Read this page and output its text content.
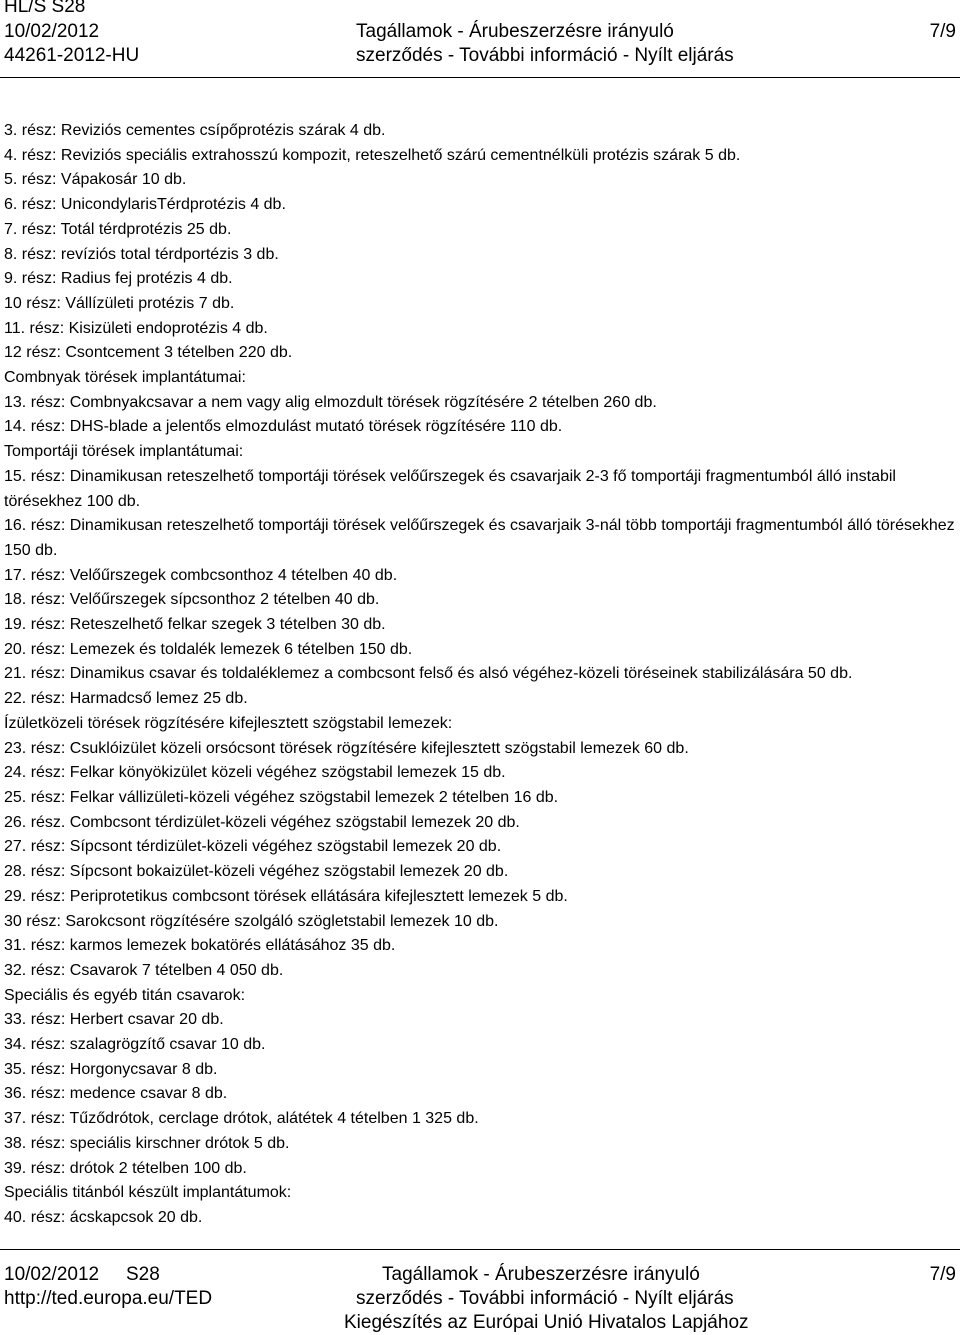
HL/S S28
10/02/2012
44261-2012-HU
Tagállamok - Árubeszerzésre irányuló
szerződés - További információ - Nyílt eljárás
7/9
3. rész: Reviziós cementes csípőprotézis szárak 4 db.
4. rész: Reviziós speciális extrahosszú kompozit, reteszelhető szárú cementnélküli protézis szárak 5 db.
5. rész: Vápakosár 10 db.
6. rész: UnicondylarisTérdprotézis 4 db.
7. rész: Totál térdprotézis 25 db.
8. rész: revíziós total térdportézis 3 db.
9. rész: Radius fej protézis 4 db.
10 rész: Vállízületi protézis 7 db.
11. rész: Kisizületi endoprotézis 4 db.
12 rész: Csontcement 3 tételben 220 db.
Combnyak törések implantátumai:
13. rész: Combnyakcsavar a nem vagy alig elmozdult törések rögzítésére 2 tételben 260 db.
14. rész: DHS-blade a jelentős elmozdulást mutató törések rögzítésére 110 db.
Tomportáji törések implantátumai:
15. rész: Dinamikusan reteszelhető tomportáji törések velőűrszegek és csavarjaik 2-3 fő tomportáji fragmentumból álló instabil törésekhez 100 db.
16. rész: Dinamikusan reteszelhető tomportáji törések velőűrszegek és csavarjaik 3-nál több tomportáji fragmentumból álló törésekhez 150 db.
17. rész: Velőűrszegek combcsonthoz 4 tételben 40 db.
18. rész: Velőűrszegek sípcsonthoz 2 tételben 40 db.
19. rész: Reteszelhető felkar szegek 3 tételben 30 db.
20. rész: Lemezek és toldalék lemezek 6 tételben 150 db.
21. rész: Dinamikus csavar és toldaléklemez a combcsont felső és alsó végéhez-közeli töréseinek stabilizálására 50 db.
22. rész: Harmadcső lemez 25 db.
Ízületközeli törések rögzítésére kifejlesztett szögstabil lemezek:
23. rész: Csuklóizület közeli orsócsont törések rögzítésére kifejlesztett szögstabil lemezek 60 db.
24. rész: Felkar könyökizület közeli végéhez szögstabil lemezek 15 db.
25. rész: Felkar vállizületi-közeli végéhez szögstabil lemezek 2 tételben 16 db.
26. rész. Combcsont térdizület-közeli végéhez szögstabil lemezek 20 db.
27. rész: Sípcsont térdizület-közeli végéhez szögstabil lemezek 20 db.
28. rész: Sípcsont bokaizület-közeli végéhez szögstabil lemezek 20 db.
29. rész: Periprotetikus combcsont törések ellátására kifejlesztett lemezek 5 db.
30 rész: Sarokcsont rögzítésére szolgáló szögletstabil lemezek 10 db.
31. rész: karmos lemezek bokatörés ellátásához 35 db.
32. rész: Csavarok 7 tételben 4 050 db.
Speciális és egyéb titán csavarok:
33. rész: Herbert csavar 20 db.
34. rész: szalagrögzítő csavar 10 db.
35. rész: Horgonycsavar 8 db.
36. rész: medence csavar 8 db.
37. rész: Tűződrótok, cerclage drótok, alátétek 4 tételben 1 325 db.
38. rész: speciális kirschner drótok 5 db.
39. rész: drótok 2 tételben 100 db.
Speciális titánból készült implantátumok:
40. rész: ácskapcsok 20 db.
10/02/2012 S28
http://ted.europa.eu/TED
Tagállamok - Árubeszerzésre irányuló
szerződés - További információ - Nyílt eljárás
Kiegészítés az Európai Unió Hivatalos Lapjához
7/9
